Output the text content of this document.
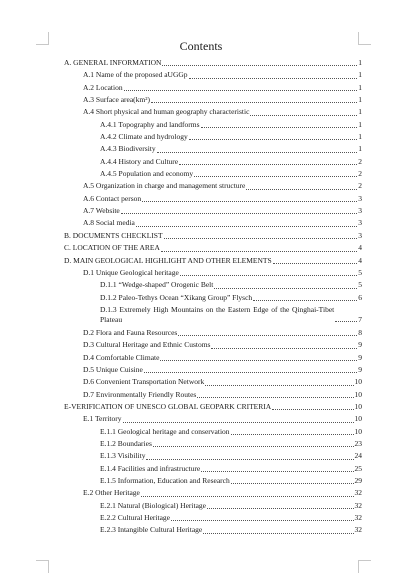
Contents
A. GENERAL INFORMATION	1
A.1 Name of the proposed aUGGp	1
A.2 Location	1
A.3 Surface area(km²)	1
A.4 Short physical and human geography characteristic	1
A.4.1 Topography and landforms	1
A.4.2 Climate and hydrology	1
A.4.3 Biodiversity	1
A.4.4 History and Culture	2
A.4.5 Population and economy	2
A.5 Organization in charge and management structure	2
A.6 Contact person	3
A.7 Website	3
A.8 Social media	3
B. DOCUMENTS CHECKLIST	3
C. LOCATION OF THE AREA	4
D. MAIN GEOLOGICAL HIGHLIGHT AND OTHER ELEMENTS	4
D.1 Unique Geological heritage	5
D.1.1 “Wedge-shaped” Orogenic Belt	5
D.1.2 Paleo-Tethys Ocean “Xikang Group” Flysch	6
D.1.3 Extremely High Mountains on the Eastern Edge of the Qinghai-Tibet Plateau	7
D.2 Flora and Fauna Resources	8
D.3 Cultural Heritage and Ethnic Customs	9
D.4 Comfortable Climate	9
D.5 Unique Cuisine	9
D.6 Convenient Transportation Network	10
D.7 Environmentally Friendly Routes	10
E-VERIFICATION OF UNESCO GLOBAL GEOPARK CRITERIA	10
E.1 Territory	10
E.1.1 Geological heritage and conservation	10
E.1.2 Boundaries	23
E.1.3 Visibility	24
E.1.4 Facilities and infrastructure	25
E.1.5 Information, Education and Research	29
E.2 Other Heritage	32
E.2.1 Natural (Biological) Heritage	32
E.2.2 Cultural Heritage	32
E.2.3 Intangible Cultural Heritage	32
